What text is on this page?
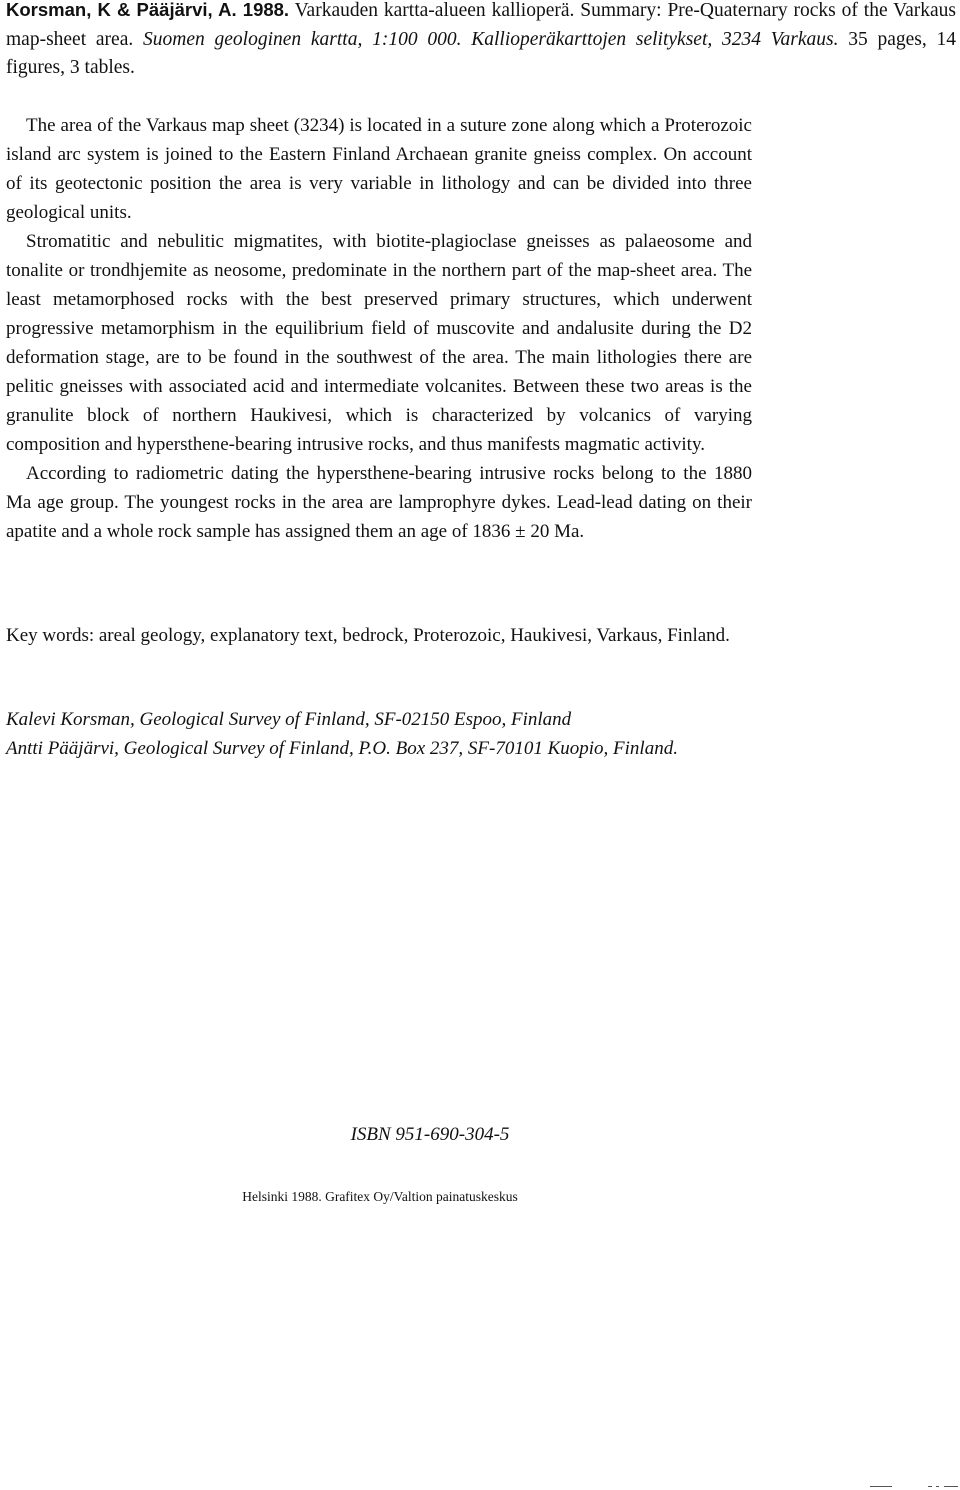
Korsman, K & Pääjärvi, A. 1988. Varkauden kartta-alueen kallioperä. Summary: Pre-Quaternary rocks of the Varkaus map-sheet area. Suomen geologinen kartta, 1:100 000. Kallioperäkarttojen selitykset, 3234 Varkaus. 35 pages, 14 figures, 3 tables.

The area of the Varkaus map sheet (3234) is located in a suture zone along which a Proterozoic island arc system is joined to the Eastern Finland Archaean granite gneiss complex. On account of its geotectonic position the area is very variable in lithology and can be divided into three geological units.

Stromatitic and nebulitic migmatites, with biotite-plagioclase gneisses as palaeosome and tonalite or trondhjemite as neosome, predominate in the northern part of the map-sheet area. The least metamorphosed rocks with the best preserved primary structures, which underwent progressive metamorphism in the equilibrium field of muscovite and andalusite during the D2 deformation stage, are to be found in the southwest of the area. The main lithologies there are pelitic gneisses with associated acid and intermediate volcanites. Between these two areas is the granulite block of northern Haukivesi, which is characterized by volcanics of varying composition and hypersthene-bearing intrusive rocks, and thus manifests magmatic activity.

According to radiometric dating the hypersthene-bearing intrusive rocks belong to the 1880 Ma age group. The youngest rocks in the area are lamprophyre dykes. Lead-lead dating on their apatite and a whole rock sample has assigned them an age of 1836 ± 20 Ma.

Key words: areal geology, explanatory text, bedrock, Proterozoic, Haukivesi, Varkaus, Finland.
Kalevi Korsman, Geological Survey of Finland, SF-02150 Espoo, Finland
Antti Pääjärvi, Geological Survey of Finland, P.O. Box 237, SF-70101 Kuopio, Finland.
ISBN 951-690-304-5
Helsinki 1988. Grafitex Oy/Valtion painatuskeskus
